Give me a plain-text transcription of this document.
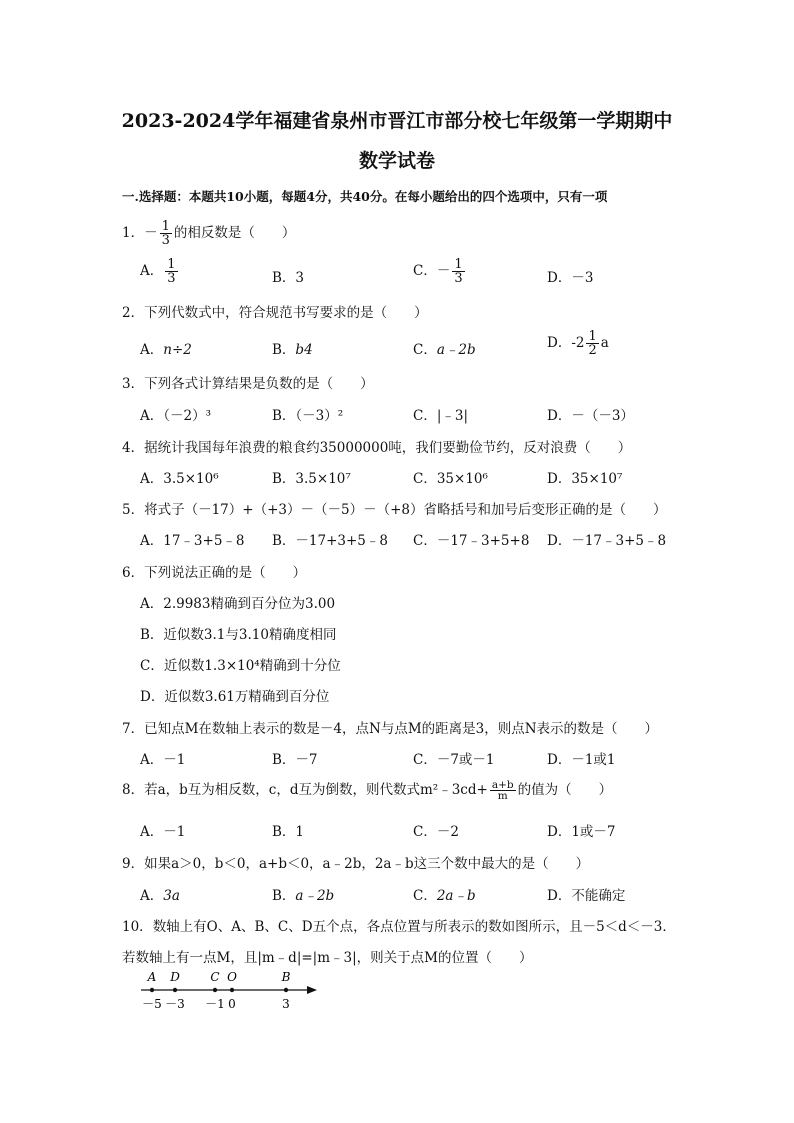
2023-2024学年福建省泉州市晋江市部分校七年级第一学期期中
数学试卷
一.选择题：本题共10小题，每题4分，共40分。在每小题给出的四个选项中，只有一项
1．－ $\frac{1}{3}$ 的相反数是（　　）
A． $\frac{1}{3}$	B．3	C．－ $\frac{1}{3}$	D．－3
2．下列代数式中，符合规范书写要求的是（　　）
A．n÷2	B．b4	C．a﹣2b	D．$-2 \frac{1}{2}$ a
3．下列各式计算结果是负数的是（　　）
A．（－2）³	B．（－3）²	C．|﹣3|	D．－（－3）
4．据统计我国每年浪费的粮食约35000000吨，我们要勤俭节约，反对浪费（　　）
A．3.5×10⁶	B．3.5×10⁷	C．35×10⁶	D．35×10⁷
5．将式子（－17）+（+3）－（－5）－（+8）省略括号和加号后变形正确的是（　　）
A．17﹣3+5﹣8 B．－17+3+5﹣8 C．－17﹣3+5+8 D．－17﹣3+5﹣8
6．下列说法正确的是（　　）
A．2.9983精确到百分位为3.00
B．近似数3.1与3.10精确度相同
C．近似数1.3×10⁴精确到十分位
D．近似数3.61万精确到百分位
7．已知点M在数轴上表示的数是－4，点N与点M的距离是3，则点N表示的数是（　　）
A．－1	B．－7	C．－7或－1	D．－1或1
8．若a，b互为相反数，c，d互为倒数，则代数式m²﹣3cd+ $\frac{a+b}{m}$ 的值为（　　）
A．－1	B．1	C．－2	D．1或－7
9．如果a＞0，b＜0，a+b＜0，a﹣2b，2a﹣b这三个数中最大的是（　　）
A．3a	B．a﹣2b	C．2a﹣b	D．不能确定
10．数轴上有O、A、B、C、D五个点，各点位置与所表示的数如图所示，且－5＜d＜－3．
若数轴上有一点M，且|m﹣d|=|m﹣3|，则关于点M的位置（　　）
A
－5
D
－3
C
－1
O
0
B
3
